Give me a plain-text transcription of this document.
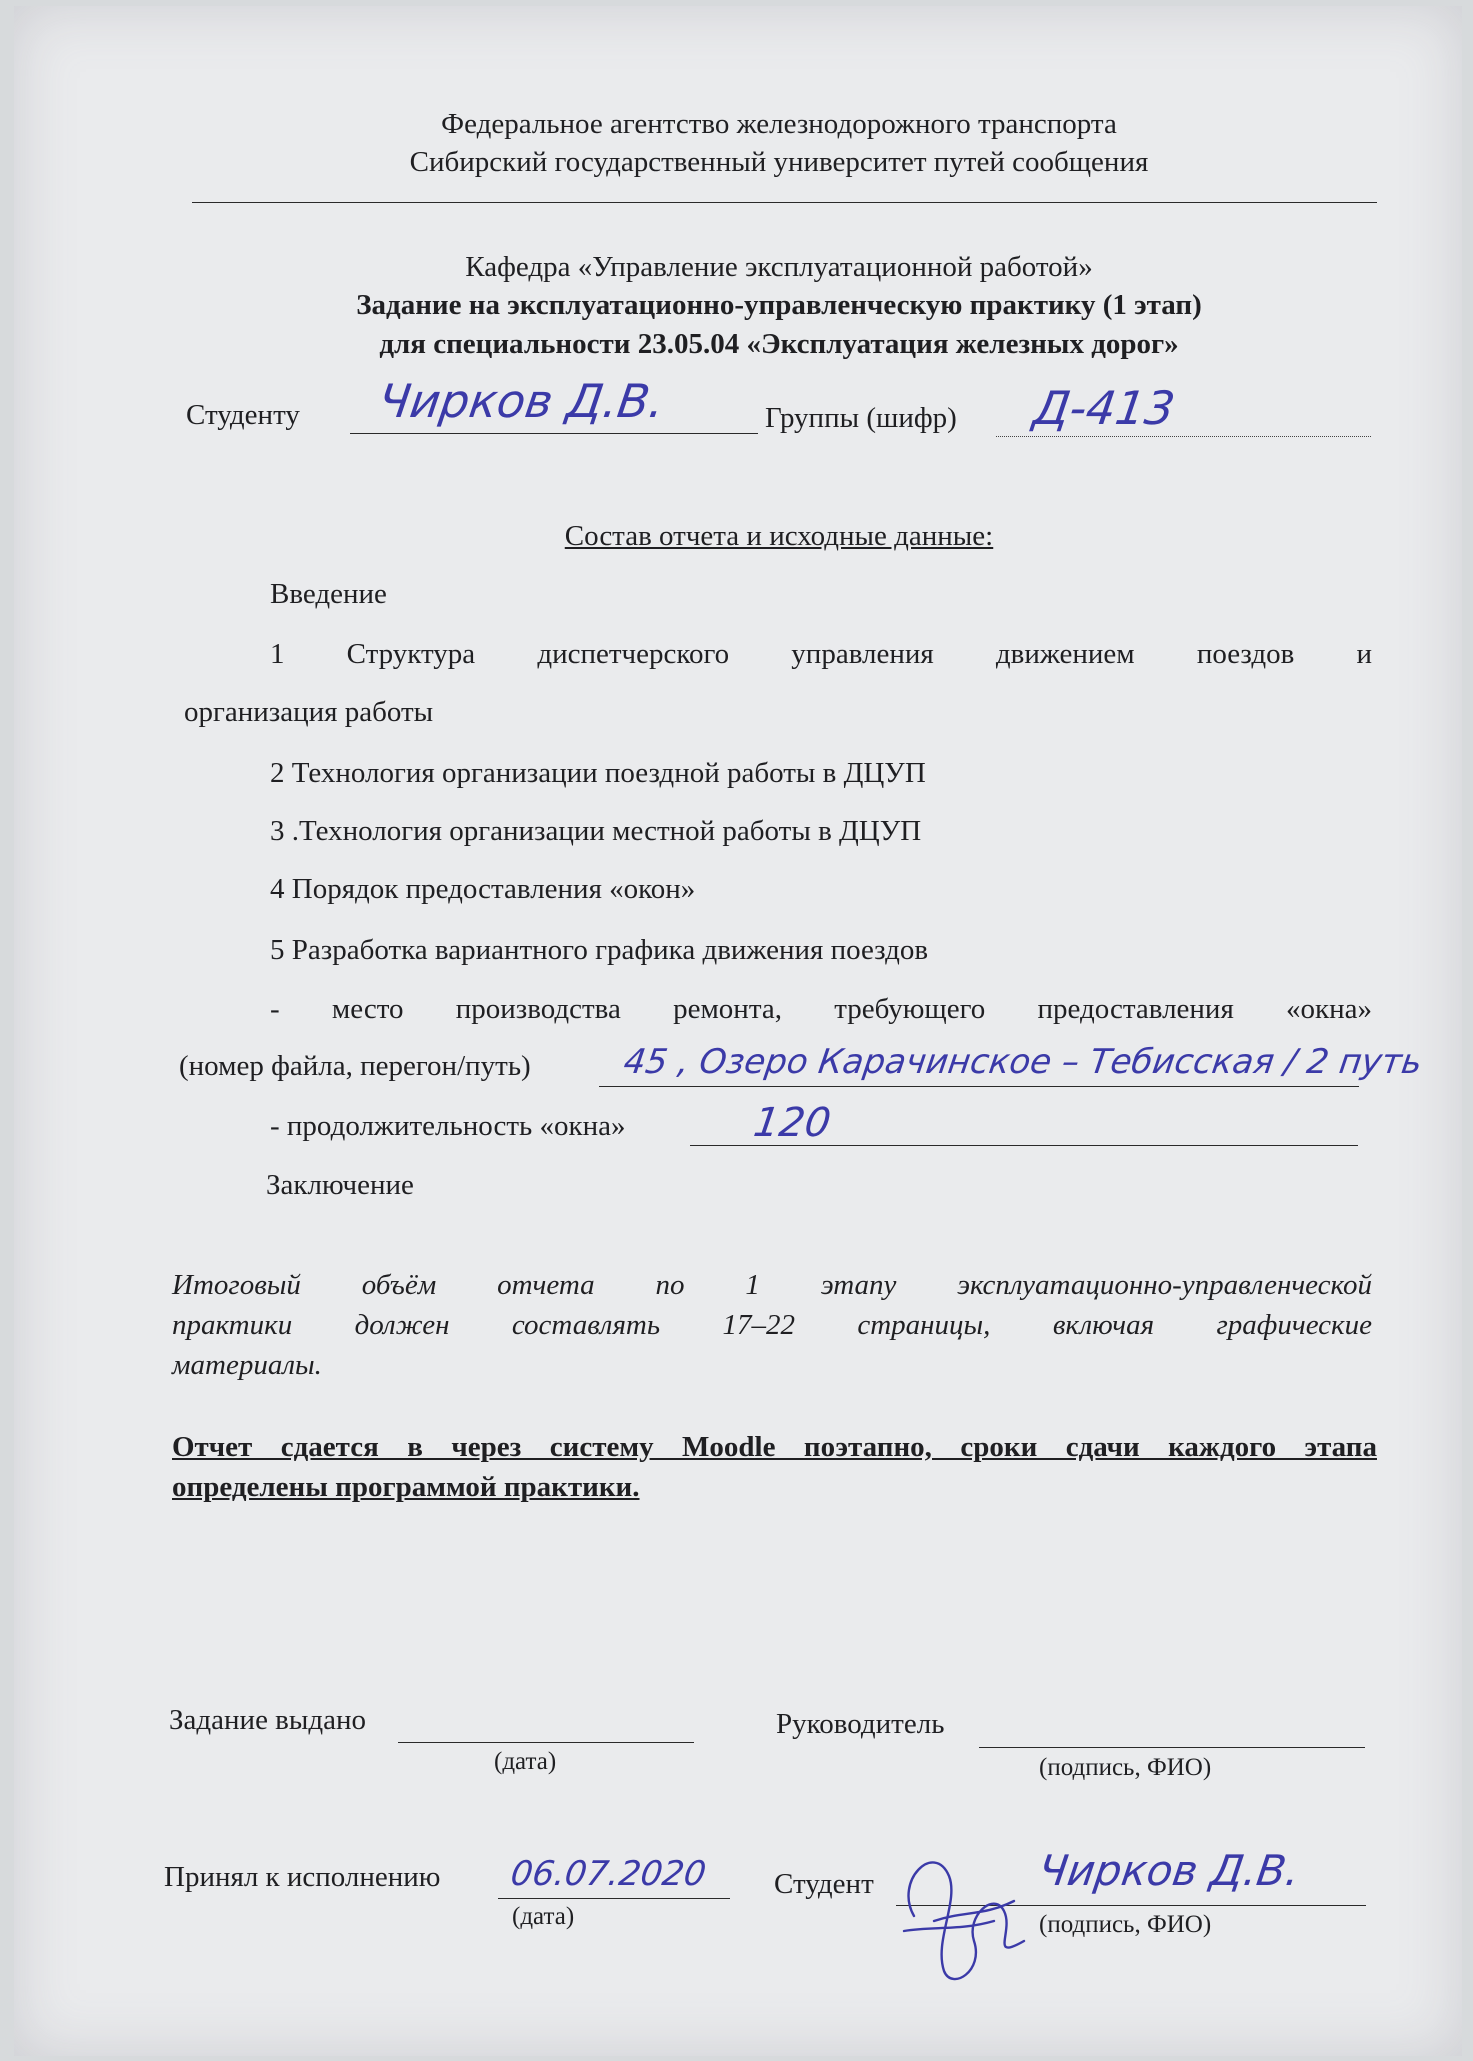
Федеральное агентство железнодорожного транспорта
Сибирский государственный университет путей сообщения
Кафедра «Управление эксплуатационной работой»
Задание на эксплуатационно-управленческую практику (1 этап)
для специальности 23.05.04 «Эксплуатация железных дорог»
Студенту Чирков Д.В.	Группы (шифр) Д-413
Состав отчета и исходные данные:
Введение
1 Структура диспетчерского управления движением поездов и
организация работы
2 Технология организации поездной работы в ДЦУП
3 .Технология организации местной работы в ДЦУП
4 Порядок предоставления «окон»
5 Разработка вариантного графика движения поездов
- место производства ремонта, требующего предоставления «окна»
(номер файла, перегон/путь)	45 , Озеро Карачинское – Тебисская / 2 путь
- продолжительность «окна»	120
Заключение
Итоговый объём отчета по 1 этапу эксплуатационно-управленческой
практики должен составлять 17–22 страницы, включая графические
материалы.
Отчет сдается в через систему Moodle поэтапно, сроки сдачи каждого этапа
определены программой практики.
Задание выдано
(дата)
Руководитель
(подпись, ФИО)
Принял к исполнению 06.07.2020
(дата)
Студент	Чирков Д.В.
(подпись, ФИО)
